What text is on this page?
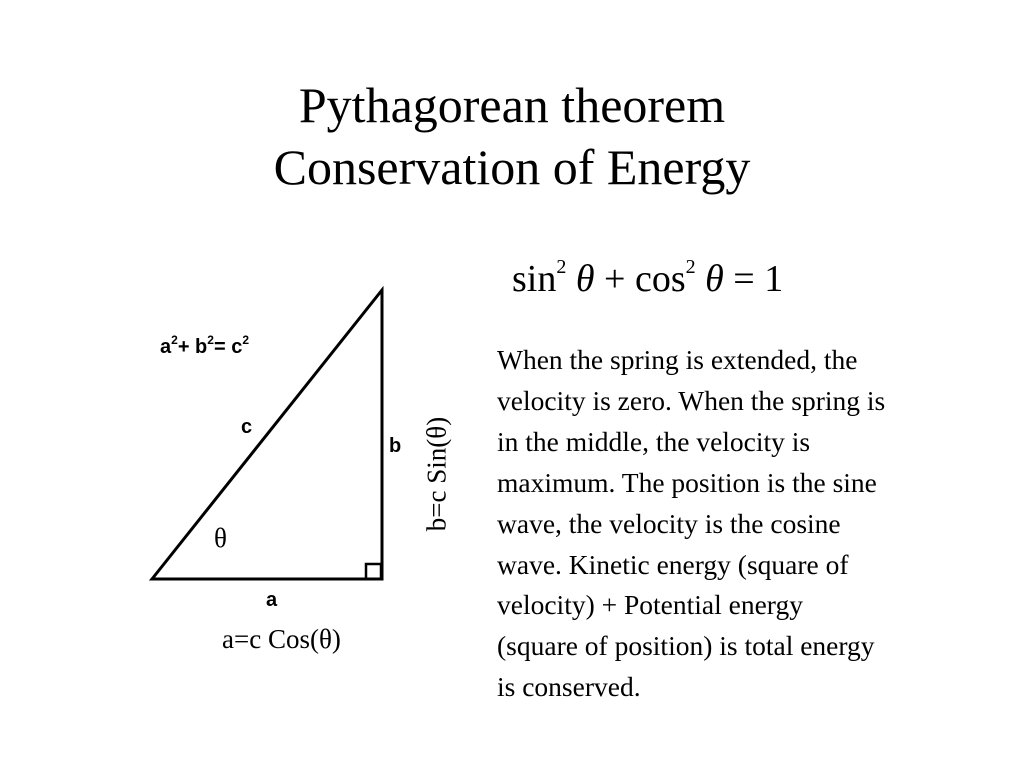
Pythagorean theorem
Conservation of Energy
$\sin^2 \theta + \cos^2 \theta = 1$
$a^2+ b^2= c^2$
c
b
a
θ
b=c Sin(θ)
a=c Cos(θ)
When the spring is extended, the
velocity is zero. When the spring is
in the middle, the velocity is
maximum. The position is the sine
wave, the velocity is the cosine
wave. Kinetic energy (square of
velocity) + Potential energy
(square of position) is total energy
is conserved.
